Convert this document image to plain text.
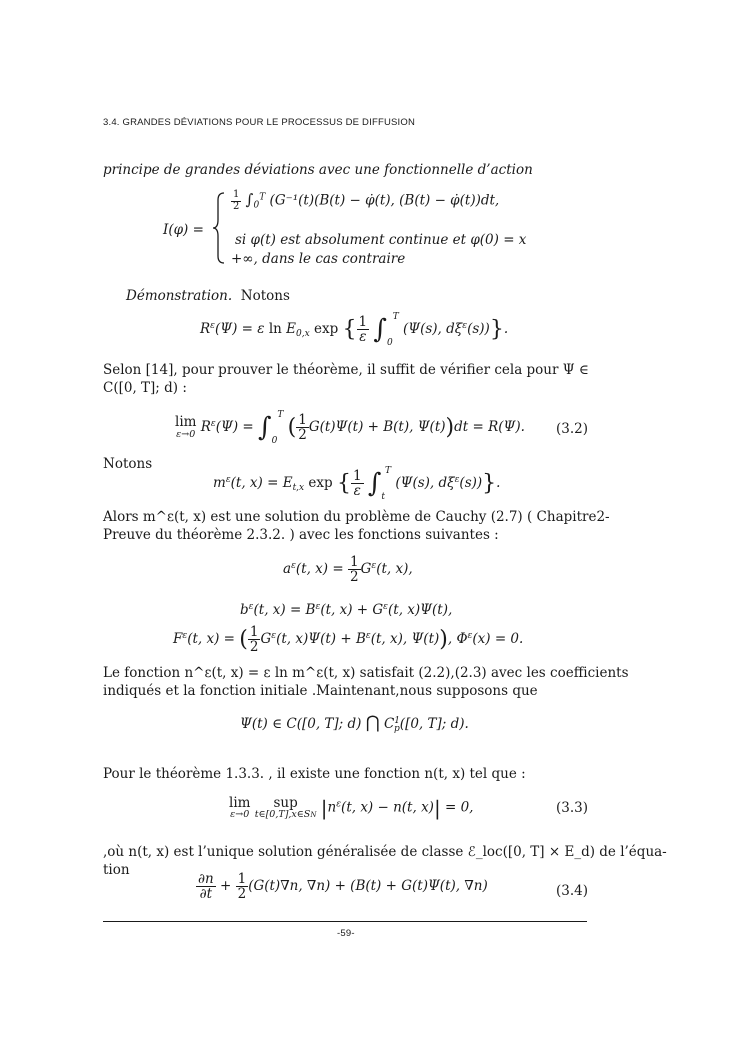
3.4. GRANDES DÉVIATIONS POUR LE PROCESSUS DE DIFFUSION
principe de grandes déviations avec une fonctionnelle d’action
I(φ) =
$\frac{1}{2} \int_0^T$ (G⁻¹(t)(B(t) − φ̇(t), (B(t) − φ̇(t))dt,
si φ(t) est absolument continue et φ(0) = x
+∞, dans le cas contraire
Démonstration. Notons
$R^\varepsilon(\Psi) = \varepsilon$ $\ln E_{0,x}$ exp { $\frac{1}{\varepsilon} \int_0^T$ (Ψ(s), $d\xi^\varepsilon(s)$)}.
Selon [14], pour prouver le théorème, il suffit de vérifier cela pour Ψ ∈
C([0, T]; d) :
lim
ε→0 $R^\varepsilon(\Psi) = \int_0^T$ ( $\frac{1}{2} G(t)\Psi(t) + B(t)$, Ψ(t))dt = R(Ψ). (3.2)
Notons
$m^\varepsilon(t$, $x) = E_{t,x}$ exp { $\frac{1}{\varepsilon} \int_t^T$ (Ψ(s), $d\xi^\varepsilon(s)$)}.
Alors m^ε(t, x) est une solution du problème de Cauchy (2.7) ( Chapitre2-
Preuve du théorème 2.3.2. ) avec les fonctions suivantes :
$a^\varepsilon(t$, $x) = \frac{1}{2} G^\varepsilon(t$, x),
$b^\varepsilon(t$, $x) = B^\varepsilon(t$, $x) + G^\varepsilon(t$, x)Ψ(t),
$F^\varepsilon(t$, x) = ( $\frac{1}{2} G^\varepsilon(t$, $x)\Psi(t) + B^\varepsilon(t$, x), Ψ(t)), $\Phi^\varepsilon(x) = 0$.
Le fonction n^ε(t, x) = ε ln m^ε(t, x) satisfait (2.2),(2.3) avec les coefficients
indiqués et la fonction initiale .Maintenant,nous supposons que
Ψ(t) ∈ C([0, T]; d) ⋂ $C^1_p([0$, T]; d).
Pour le théorème 1.3.3. , il existe une fonction n(t, x) tel que :
lim
ε→0

sup
t∈[0,T],x∈SN $|n^\varepsilon(t$, x) − n(t, x)| = 0,	(3.3)
,où n(t, x) est l’unique solution généralisée de classe ℰ_loc([0, T] × E_d) de l’équa-
tion
$\frac{\partial n}{\partial t} + \frac{1}{2} (G(t)\nabla n$, ∇n) + (B(t) + G(t)Ψ(t), ∇n)	(3.4)
-59-
